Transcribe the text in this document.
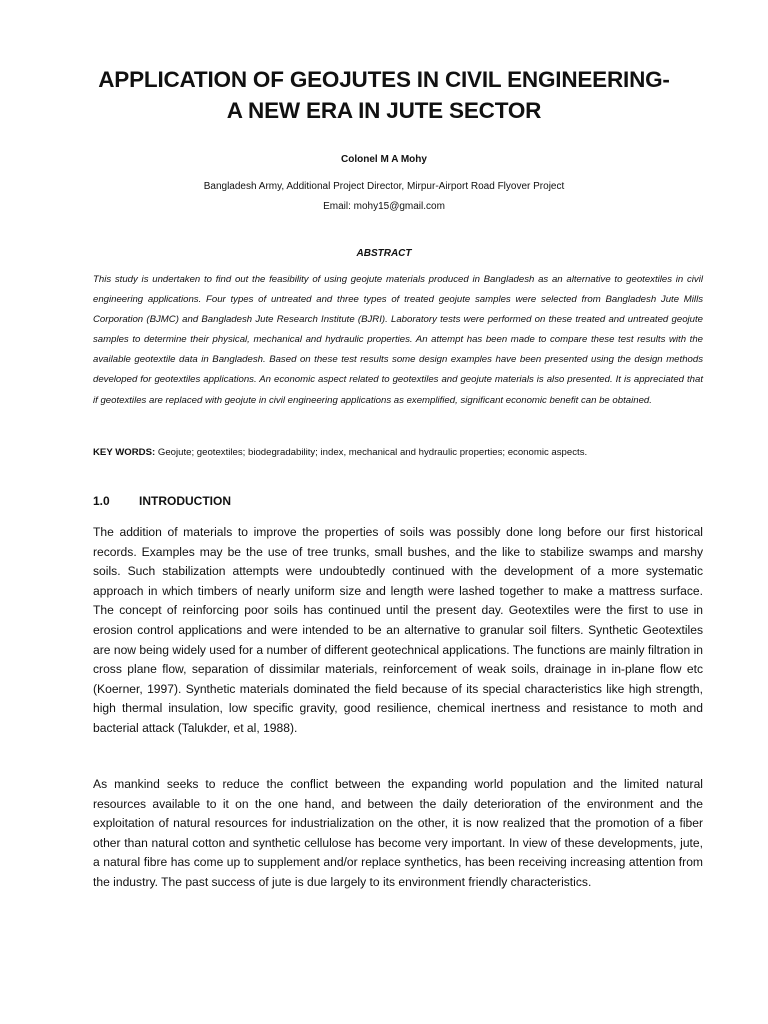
APPLICATION OF GEOJUTES IN CIVIL ENGINEERING-
A NEW ERA IN JUTE SECTOR
Colonel M A Mohy
Bangladesh Army, Additional Project Director, Mirpur-Airport Road Flyover Project
Email: mohy15@gmail.com
ABSTRACT

This study is undertaken to find out the feasibility of using geojute materials produced in Bangladesh as an alternative to geotextiles in civil engineering applications. Four types of untreated and three types of treated geojute samples were selected from Bangladesh Jute Mills Corporation (BJMC) and Bangladesh Jute Research Institute (BJRI). Laboratory tests were performed on these treated and untreated geojute samples to determine their physical, mechanical and hydraulic properties. An attempt has been made to compare these test results with the available geotextile data in Bangladesh. Based on these test results some design examples have been presented using the design methods developed for geotextiles applications. An economic aspect related to geotextiles and geojute materials is also presented. It is appreciated that if geotextiles are replaced with geojute in civil engineering applications as exemplified, significant economic benefit can be obtained.

KEY WORDS: Geojute; geotextiles; biodegradability; index, mechanical and hydraulic properties; economic aspects.
1.0 INTRODUCTION

The addition of materials to improve the properties of soils was possibly done long before our first historical records. Examples may be the use of tree trunks, small bushes, and the like to stabilize swamps and marshy soils. Such stabilization attempts were undoubtedly continued with the development of a more systematic approach in which timbers of nearly uniform size and length were lashed together to make a mattress surface. The concept of reinforcing poor soils has continued until the present day. Geotextiles were the first to use in erosion control applications and were intended to be an alternative to granular soil filters. Synthetic Geotextiles are now being widely used for a number of different geotechnical applications. The functions are mainly filtration in cross plane flow, separation of dissimilar materials, reinforcement of weak soils, drainage in in-plane flow etc (Koerner, 1997). Synthetic materials dominated the field because of its special characteristics like high strength, high thermal insulation, low specific gravity, good resilience, chemical inertness and resistance to moth and bacterial attack (Talukder, et al, 1988).

As mankind seeks to reduce the conflict between the expanding world population and the limited natural resources available to it on the one hand, and between the daily deterioration of the environment and the exploitation of natural resources for industrialization on the other, it is now realized that the promotion of a fiber other than natural cotton and synthetic cellulose has become very important. In view of these developments, jute, a natural fibre has come up to supplement and/or replace synthetics, has been receiving increasing attention from the industry. The past success of jute is due largely to its environment friendly characteristics.
